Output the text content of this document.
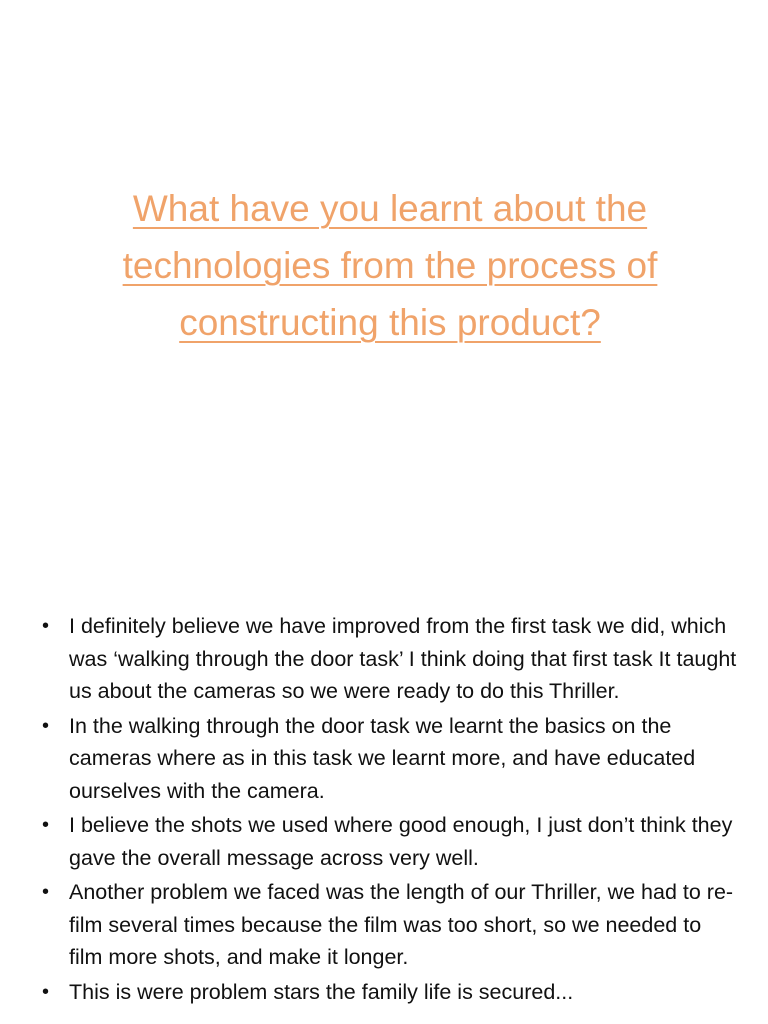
What have you learnt about the technologies from the process of constructing this product?
• I definitely believe we have improved from the first task we did, which was ‘walking through the door task’ I think doing that first task It taught us about the cameras so we were ready to do this Thriller.
• In the walking through the door task we learnt the basics on the cameras where as in this task we learnt more, and have educated ourselves with the camera.
• I believe the shots we used where good enough, I just don’t think they gave the overall message across very well.
• Another problem we faced was the length of our Thriller, we had to re-film several times because the film was too short, so we needed to film more shots, and make it longer.
• This is were problem stars the family life is secured...
